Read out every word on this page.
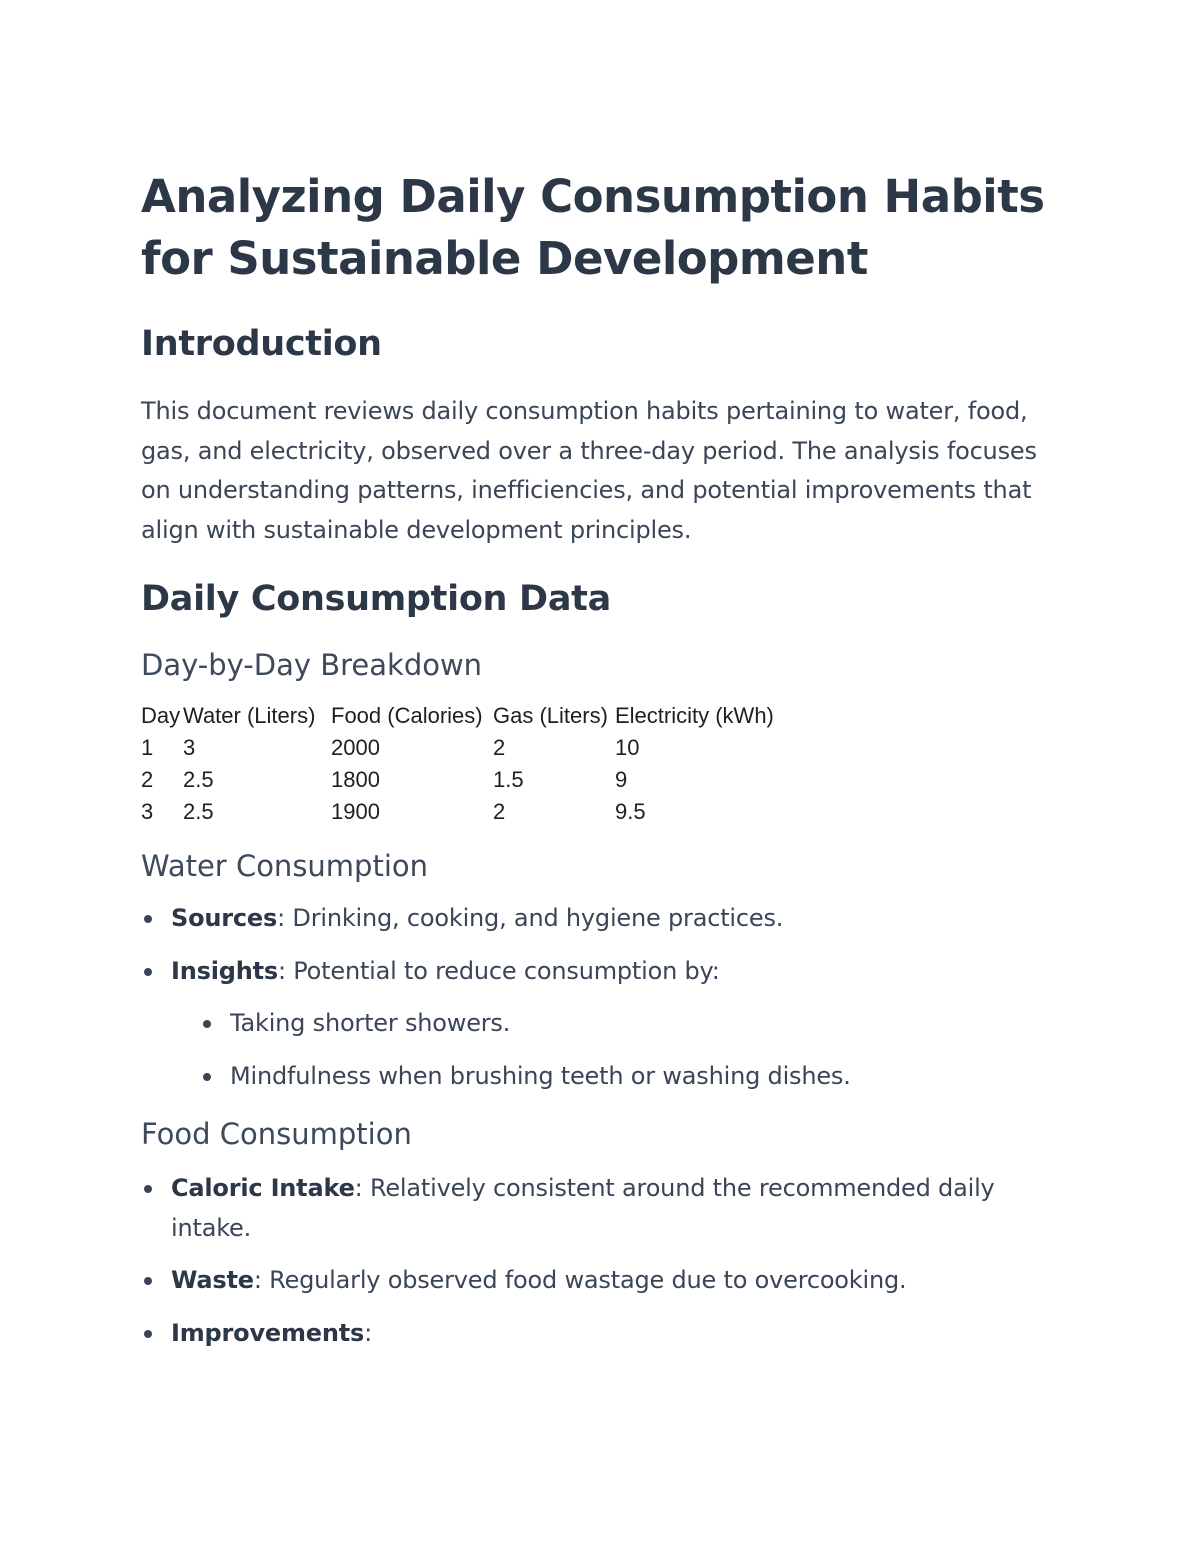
Analyzing Daily Consumption Habits for Sustainable Development
Introduction

This document reviews daily consumption habits pertaining to water, food, gas, and electricity, observed over a three-day period. The analysis focuses on understanding patterns, inefficiencies, and potential improvements that align with sustainable development principles.

Daily Consumption Data
Day-by-Day Breakdown
Day	Water (Liters)	Food (Calories)	Gas (Liters)	Electricity (kWh)
1	3	2000	2	10
2	2.5	1800	1.5	9
3	2.5	1900	2	9.5
Water Consumption
Sources: Drinking, cooking, and hygiene practices.
Insights: Potential to reduce consumption by:
Taking shorter showers.
Mindfulness when brushing teeth or washing dishes.
Food Consumption
Caloric Intake: Relatively consistent around the recommended daily intake.
Waste: Regularly observed food wastage due to overcooking.
Improvements:
